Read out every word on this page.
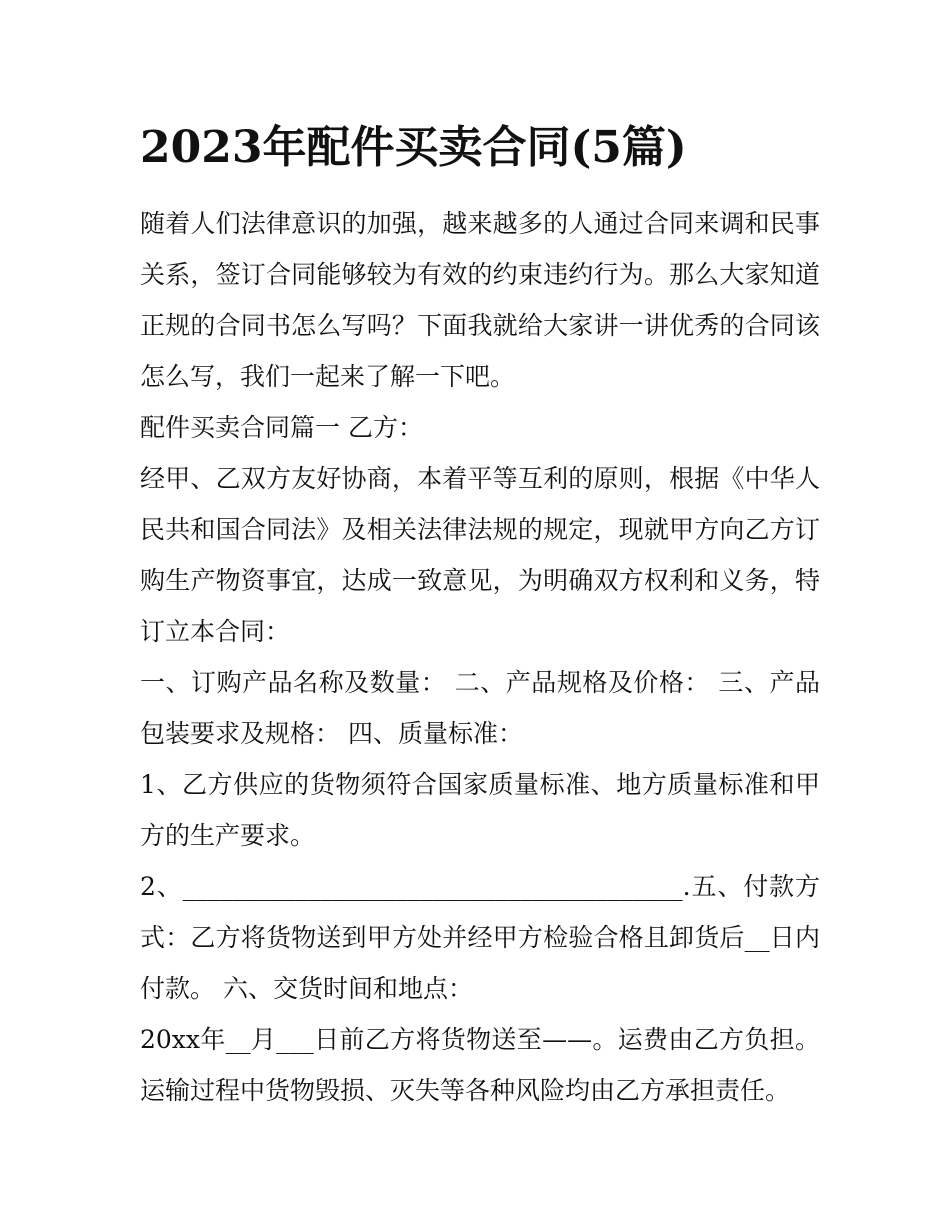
2023年配件买卖合同(5篇)

随着人们法律意识的加强，越来越多的人通过合同来调和民事关系，签订合同能够较为有效的约束违约行为。那么大家知道正规的合同书怎么写吗？下面我就给大家讲一讲优秀的合同该怎么写，我们一起来了解一下吧。

配件买卖合同篇一 乙方：

经甲、乙双方友好协商，本着平等互利的原则，根据《中华人民共和国合同法》及相关法律法规的规定，现就甲方向乙方订购生产物资事宜，达成一致意见，为明确双方权利和义务，特订立本合同：

一、订购产品名称及数量： 二、产品规格及价格： 三、产品包装要求及规格： 四、质量标准：

1、乙方供应的货物须符合国家质量标准、地方质量标准和甲方的生产要求。

2、________________________________________.五、付款方式：乙方将货物送到甲方处并经甲方检验合格且卸货后__日内付款。 六、交货时间和地点：

20xx年__月___日前乙方将货物送至——。运费由乙方负担。运输过程中货物毁损、灭失等各种风险均由乙方承担责任。
